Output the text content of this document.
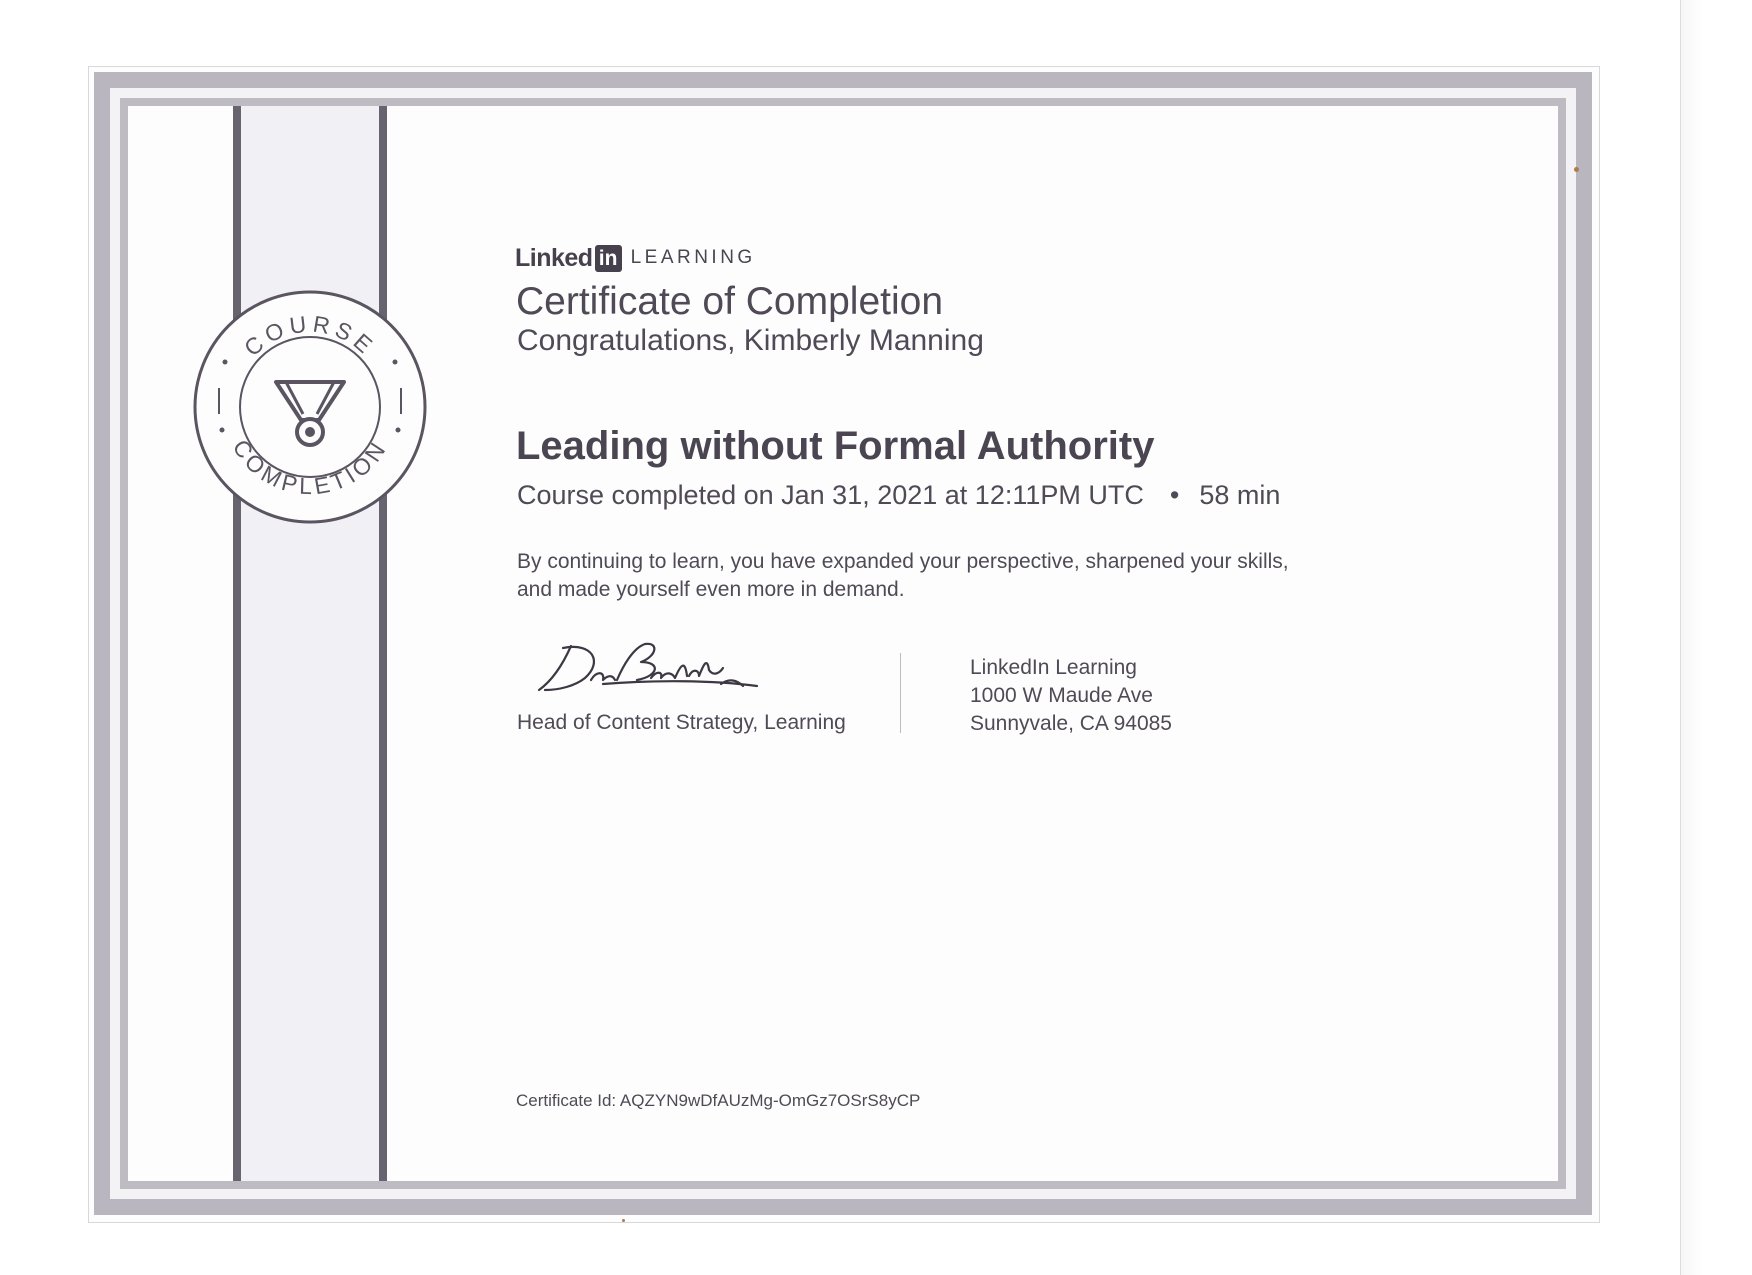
COURSE
COMPLETION
Linked in LEARNING
Certificate of Completion
Congratulations, Kimberly Manning
Leading without Formal Authority
Course completed on Jan 31, 2021 at 12:11PM UTC • 58 min
By continuing to learn, you have expanded your perspective, sharpened your skills, and made yourself even more in demand.
Head of Content Strategy, Learning
LinkedIn Learning
1000 W Maude Ave
Sunnyvale, CA 94085
Certificate Id: AQZYN9wDfAUzMg-OmGz7OSrS8yCP
